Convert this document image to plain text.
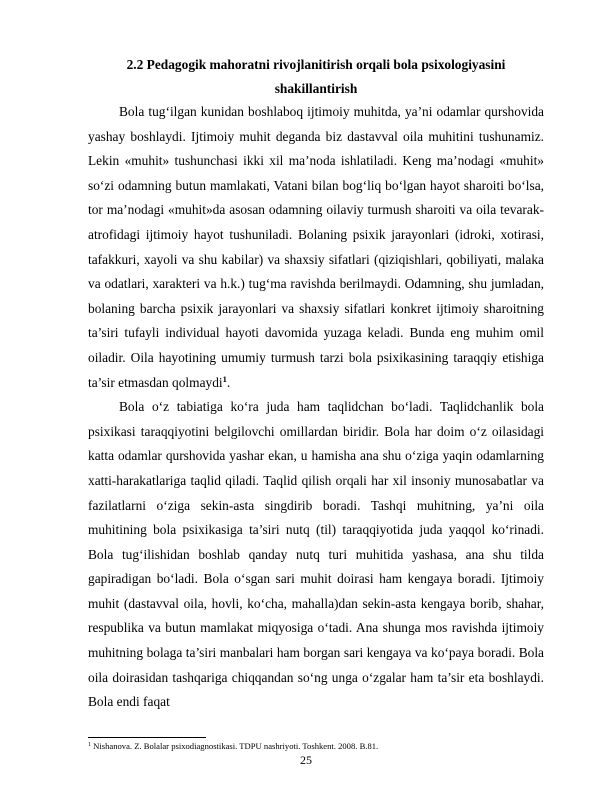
2.2 Pedagogik mahoratni rivojlanitirish orqali bola psixologiyasini
shakillantirish

Bola tug‘ilgan kunidan boshlaboq ijtimoiy muhitda, ya’ni odamlar qurshovida yashay boshlaydi. Ijtimoiy muhit deganda biz dastavval oila muhitini tushunamiz. Lekin «muhit» tushunchasi ikki xil ma’noda ishlatiladi. Keng ma’nodagi «muhit» so‘zi odamning butun mamlakati, Vatani bilan bog‘liq bo‘lgan hayot sharoiti bo‘lsa, tor ma’nodagi «muhit»da asosan odamning oilaviy turmush sharoiti va oila tevarak-atrofidagi ijtimoiy hayot tushuniladi. Bolaning psixik jarayonlari (idroki, xotirasi, tafakkuri, xayoli va shu kabilar) va shaxsiy sifatlari (qiziqishlari, qobiliyati, malaka va odatlari, xarakteri va h.k.) tug‘ma ravishda berilmaydi. Odamning, shu jumladan, bolaning barcha psixik jarayonlari va shaxsiy sifatlari konkret ijtimoiy sharoitning ta’siri tufayli individual hayoti davomida yuzaga keladi. Bunda eng muhim omil oiladir. Oila hayotining umumiy turmush tarzi bola psixikasining taraqqiy etishiga ta’sir etmasdan qolmaydi$^1$.

Bola o‘z tabiatiga ko‘ra juda ham taqlidchan bo‘ladi. Taqlidchanlik bola psixikasi taraqqiyotini belgilovchi omillardan biridir. Bola har doim o‘z oilasidagi katta odamlar qurshovida yashar ekan, u hamisha ana shu o‘ziga yaqin odamlarning xatti-harakatlariga taqlid qiladi. Taqlid qilish orqali har xil insoniy munosabatlar va fazilatlarni o‘ziga sekin-asta singdirib boradi. Tashqi muhitning, ya’ni oila muhitining bola psixikasiga ta’siri nutq (til) taraqqiyotida juda yaqqol ko‘rinadi. Bola tug‘ilishidan boshlab qanday nutq turi muhitida yashasa, ana shu tilda gapiradigan bo‘ladi. Bola o‘sgan sari muhit doirasi ham kengaya boradi. Ijtimoiy muhit (dastavval oila, hovli, ko‘cha, mahalla)dan sekin-asta kengaya borib, shahar, respublika va butun mamlakat miqyosiga o‘tadi. Ana shunga mos ravishda ijtimoiy muhitning bolaga ta’siri manbalari ham borgan sari kengaya va ko‘paya boradi. Bola oila doirasidan tashqariga chiqqandan so‘ng unga o‘zgalar ham ta’sir eta boshlaydi. Bola endi faqat

$^1$ Nishanova. Z. Bolalar psixodiagnostikasi. TDPU nashriyoti. Toshkent. 2008. B.81.
25
